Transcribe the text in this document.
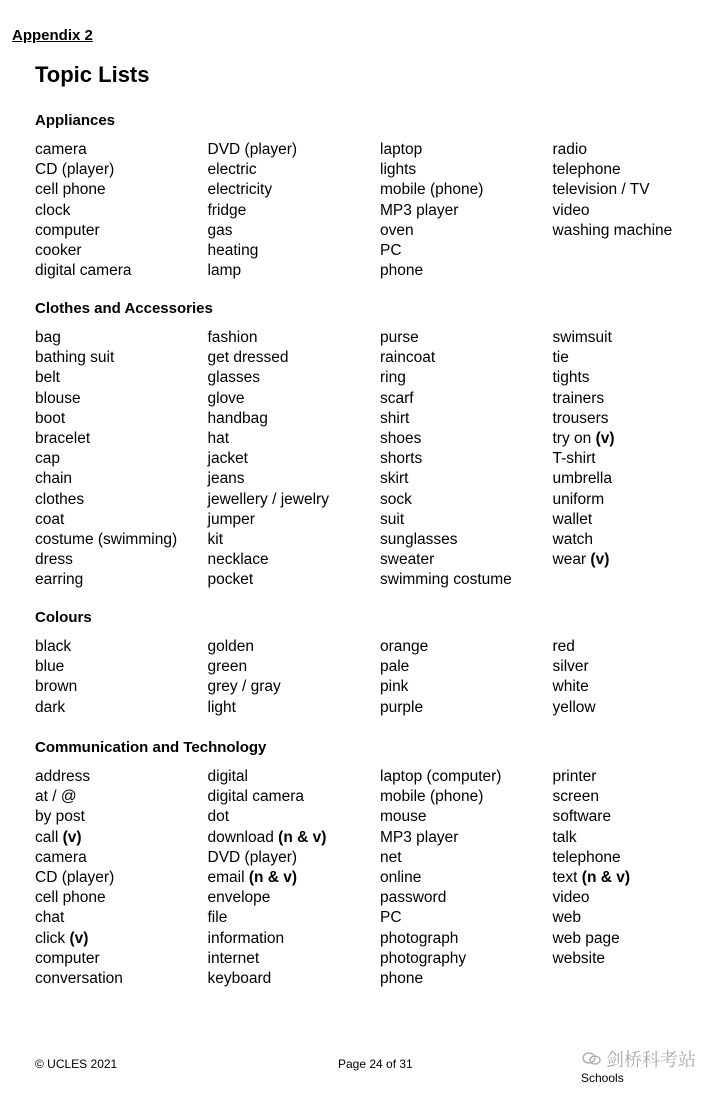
Appendix 2
Topic Lists
Appliances
camera
CD (player)
cell phone
clock
computer
cooker
digital camera
DVD (player)
electric
electricity
fridge
gas
heating
lamp
laptop
lights
mobile (phone)
MP3 player
oven
PC
phone
radio
telephone
television / TV
video
washing machine
Clothes and Accessories
bag
bathing suit
belt
blouse
boot
bracelet
cap
chain
clothes
coat
costume (swimming)
dress
earring
fashion
get dressed
glasses
glove
handbag
hat
jacket
jeans
jewellery / jewelry
jumper
kit
necklace
pocket
purse
raincoat
ring
scarf
shirt
shoes
shorts
skirt
sock
suit
sunglasses
sweater
swimming costume
swimsuit
tie
tights
trainers
trousers
try on (v)
T-shirt
umbrella
uniform
wallet
watch
wear (v)
Colours
black
blue
brown
dark
golden
green
grey / gray
light
orange
pale
pink
purple
red
silver
white
yellow
Communication and Technology
address
at / @
by post
call (v)
camera
CD (player)
cell phone
chat
click (v)
computer
conversation
digital
digital camera
dot
download (n & v)
DVD (player)
email (n & v)
envelope
file
information
internet
keyboard
laptop (computer)
mobile (phone)
mouse
MP3 player
net
online
password
PC
photograph
photography
phone
printer
screen
software
talk
telephone
text (n & v)
video
web
web page
website
© UCLES 2021	Page 24 of 31	剑桥科考站
Schools
